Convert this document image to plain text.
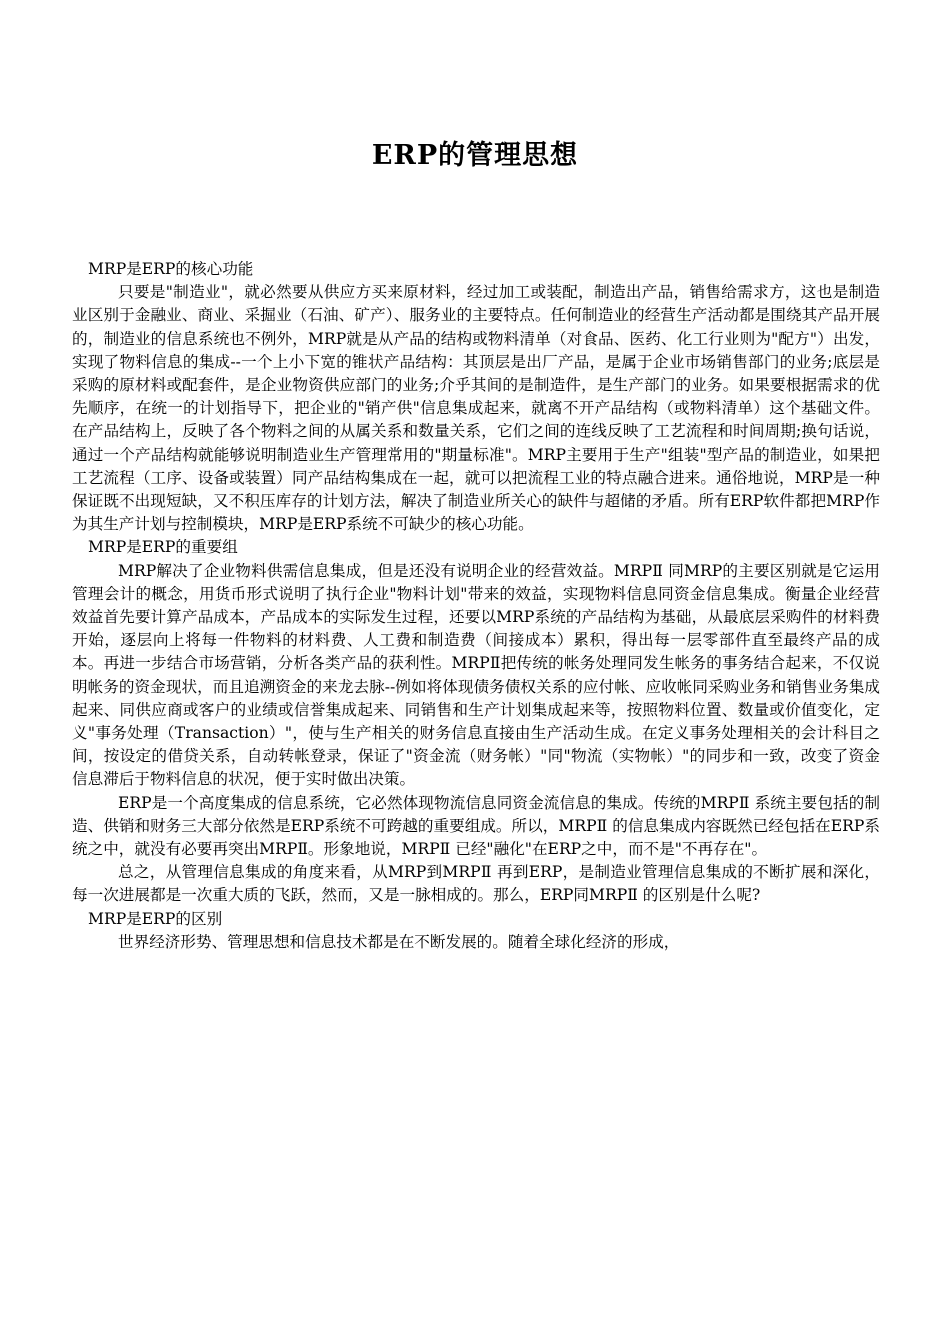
ERP的管理思想

MRP是ERP的核心功能

只要是"制造业"，就必然要从供应方买来原材料，经过加工或装配，制造出产品，销售给需求方，这也是制造业区别于金融业、商业、采掘业（石油、矿产）、服务业的主要特点。任何制造业的经营生产活动都是围绕其产品开展的，制造业的信息系统也不例外，MRP就是从产品的结构或物料清单（对食品、医药、化工行业则为"配方"）出发，实现了物料信息的集成--一个上小下宽的锥状产品结构：其顶层是出厂产品，是属于企业市场销售部门的业务;底层是采购的原材料或配套件，是企业物资供应部门的业务;介乎其间的是制造件，是生产部门的业务。如果要根据需求的优先顺序，在统一的计划指导下，把企业的"销产供"信息集成起来，就离不开产品结构（或物料清单）这个基础文件。在产品结构上，反映了各个物料之间的从属关系和数量关系，它们之间的连线反映了工艺流程和时间周期;换句话说，通过一个产品结构就能够说明制造业生产管理常用的"期量标准"。MRP主要用于生产"组装"型产品的制造业，如果把工艺流程（工序、设备或装置）同产品结构集成在一起，就可以把流程工业的特点融合进来。通俗地说，MRP是一种保证既不出现短缺，又不积压库存的计划方法，解决了制造业所关心的缺件与超储的矛盾。所有ERP软件都把MRP作为其生产计划与控制模块，MRP是ERP系统不可缺少的核心功能。

MRP是ERP的重要组

MRP解决了企业物料供需信息集成，但是还没有说明企业的经营效益。MRPⅡ 同MRP的主要区别就是它运用管理会计的概念，用货币形式说明了执行企业"物料计划"带来的效益，实现物料信息同资金信息集成。衡量企业经营效益首先要计算产品成本，产品成本的实际发生过程，还要以MRP系统的产品结构为基础，从最底层采购件的材料费开始，逐层向上将每一件物料的材料费、人工费和制造费（间接成本）累积，得出每一层零部件直至最终产品的成本。再进一步结合市场营销，分析各类产品的获利性。MRPⅡ把传统的帐务处理同发生帐务的事务结合起来，不仅说明帐务的资金现状，而且追溯资金的来龙去脉--例如将体现债务债权关系的应付帐、应收帐同采购业务和销售业务集成起来、同供应商或客户的业绩或信誉集成起来、同销售和生产计划集成起来等，按照物料位置、数量或价值变化，定义"事务处理（Transaction）"，使与生产相关的财务信息直接由生产活动生成。在定义事务处理相关的会计科目之间，按设定的借贷关系，自动转帐登录，保证了"资金流（财务帐）"同"物流（实物帐）"的同步和一致，改变了资金信息滞后于物料信息的状况，便于实时做出决策。

ERP是一个高度集成的信息系统，它必然体现物流信息同资金流信息的集成。传统的MRPⅡ 系统主要包括的制造、供销和财务三大部分依然是ERP系统不可跨越的重要组成。所以，MRPⅡ 的信息集成内容既然已经包括在ERP系统之中，就没有必要再突出MRPⅡ。形象地说，MRPⅡ 已经"融化"在ERP之中，而不是"不再存在"。

总之，从管理信息集成的角度来看，从MRP到MRPⅡ 再到ERP，是制造业管理信息集成的不断扩展和深化，每一次进展都是一次重大质的飞跃，然而，又是一脉相成的。那么，ERP同MRPⅡ 的区别是什么呢?

MRP是ERP的区别

世界经济形势、管理思想和信息技术都是在不断发展的。随着全球化经济的形成，
